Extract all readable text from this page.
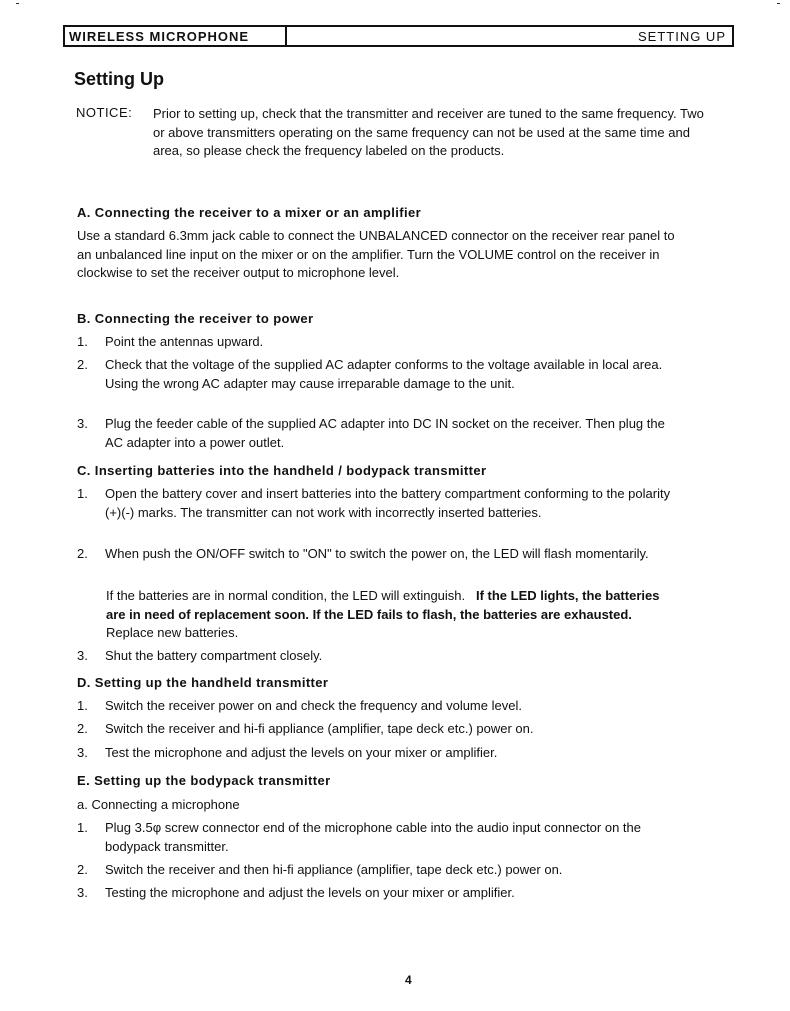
WIRELESS MICROPHONE	SETTING UP
Setting Up
NOTICE: Prior to setting up, check that the transmitter and receiver are tuned to the same frequency. Two or above transmitters operating on the same frequency can not be used at the same time and area, so please check the frequency labeled on the products.
A. Connecting the receiver to a mixer or an amplifier
Use a standard 6.3mm jack cable to connect the UNBALANCED connector on the receiver rear panel to an unbalanced line input on the mixer or on the amplifier. Turn the VOLUME control on the receiver in clockwise to set the receiver output to microphone level.
B. Connecting the receiver to power
1. Point the antennas upward.
2. Check that the voltage of the supplied AC adapter conforms to the voltage available in local area. Using the wrong AC adapter may cause irreparable damage to the unit.
3. Plug the feeder cable of the supplied AC adapter into DC IN socket on the receiver. Then plug the AC adapter into a power outlet.
C. Inserting batteries into the handheld / bodypack transmitter
1. Open the battery cover and insert batteries into the battery compartment conforming to the polarity (+)(-) marks. The transmitter can not work with incorrectly inserted batteries.
2. When push the ON/OFF switch to "ON" to switch the power on, the LED will flash momentarily.
If the batteries are in normal condition, the LED will extinguish. If the LED lights, the batteries are in need of replacement soon. If the LED fails to flash, the batteries are exhausted.   Replace new batteries.
3. Shut the battery compartment closely.
D. Setting up the handheld transmitter
1. Switch the receiver power on and check the frequency and volume level.
2. Switch the receiver and hi-fi appliance (amplifier, tape deck etc.) power on.
3. Test the microphone and adjust the levels on your mixer or amplifier.
E. Setting up the bodypack transmitter
a. Connecting a microphone
1. Plug 3.5φ screw connector end of the microphone cable into the audio input connector on the bodypack transmitter.
2. Switch the receiver and then hi-fi appliance (amplifier, tape deck etc.) power on.
3. Testing the microphone and adjust the levels on your mixer or amplifier.
4
